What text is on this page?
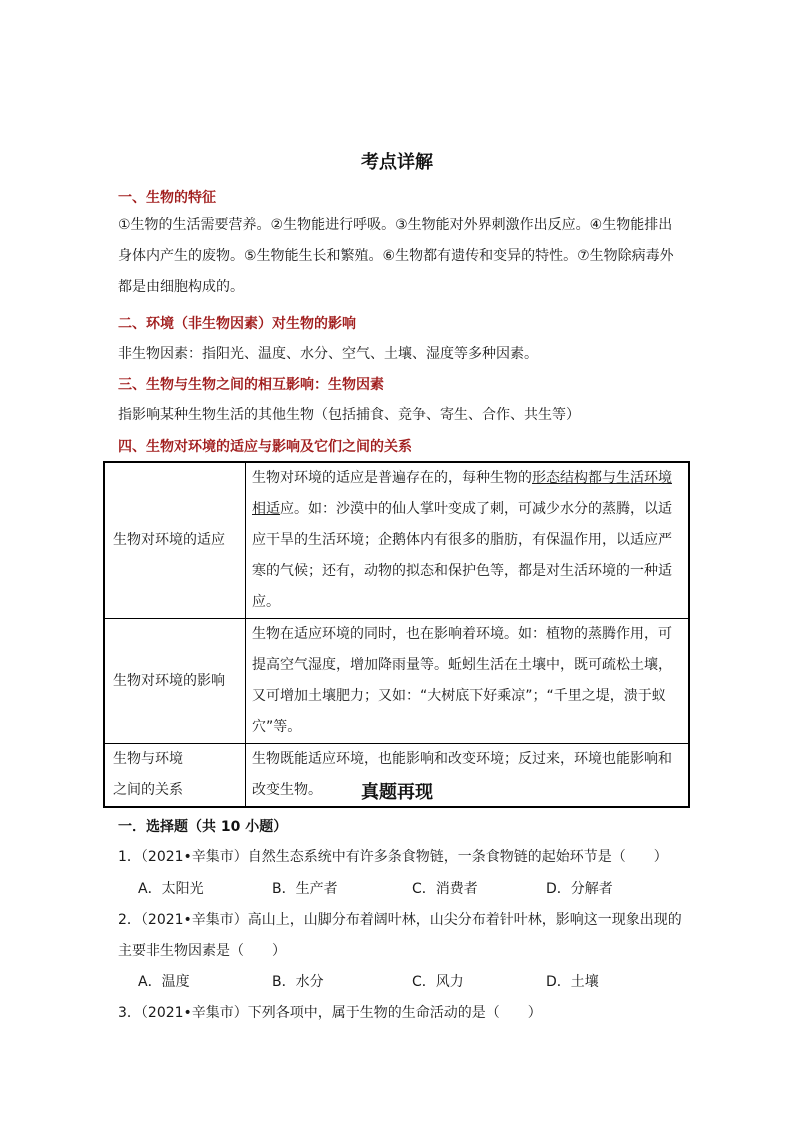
考点详解
一、生物的特征
①生物的生活需要营养。②生物能进行呼吸。③生物能对外界刺激作出反应。④生物能排出身体内产生的废物。⑤生物能生长和繁殖。⑥生物都有遗传和变异的特性。⑦生物除病毒外都是由细胞构成的。
二、环境（非生物因素）对生物的影响
非生物因素：指阳光、温度、水分、空气、土壤、湿度等多种因素。
三、生物与生物之间的相互影响：生物因素
指影响某种生物生活的其他生物（包括捕食、竞争、寄生、合作、共生等）
四、生物对环境的适应与影响及它们之间的关系
生物对环境的适应	生物对环境的适应是普遍存在的，每种生物的形态结构都与生活环境相适应。如：沙漠中的仙人掌叶变成了刺，可减少水分的蒸腾，以适应干旱的生活环境；企鹅体内有很多的脂肪，有保温作用，以适应严寒的气候；还有，动物的拟态和保护色等，都是对生活环境的一种适应。
生物对环境的影响	生物在适应环境的同时，也在影响着环境。如：植物的蒸腾作用，可提高空气湿度，增加降雨量等。蚯蚓生活在土壤中，既可疏松土壤，又可增加土壤肥力；又如：“大树底下好乘凉”；“千里之堤，溃于蚁穴”等。
生物与环境
之间的关系	生物既能适应环境，也能影响和改变环境；反过来，环境也能影响和改变生物。	真题再现
一．选择题（共 10 小题）
1．（2021•辛集市）自然生态系统中有许多条食物链，一条食物链的起始环节是（　　）
A．太阳光	B．生产者	C．消费者	D．分解者
2．（2021•辛集市）高山上，山脚分布着阔叶林，山尖分布着针叶林，影响这一现象出现的
主要非生物因素是（　　）
A．温度	B．水分	C．风力	D．土壤
3．（2021•辛集市）下列各项中，属于生物的生命活动的是（　　）
